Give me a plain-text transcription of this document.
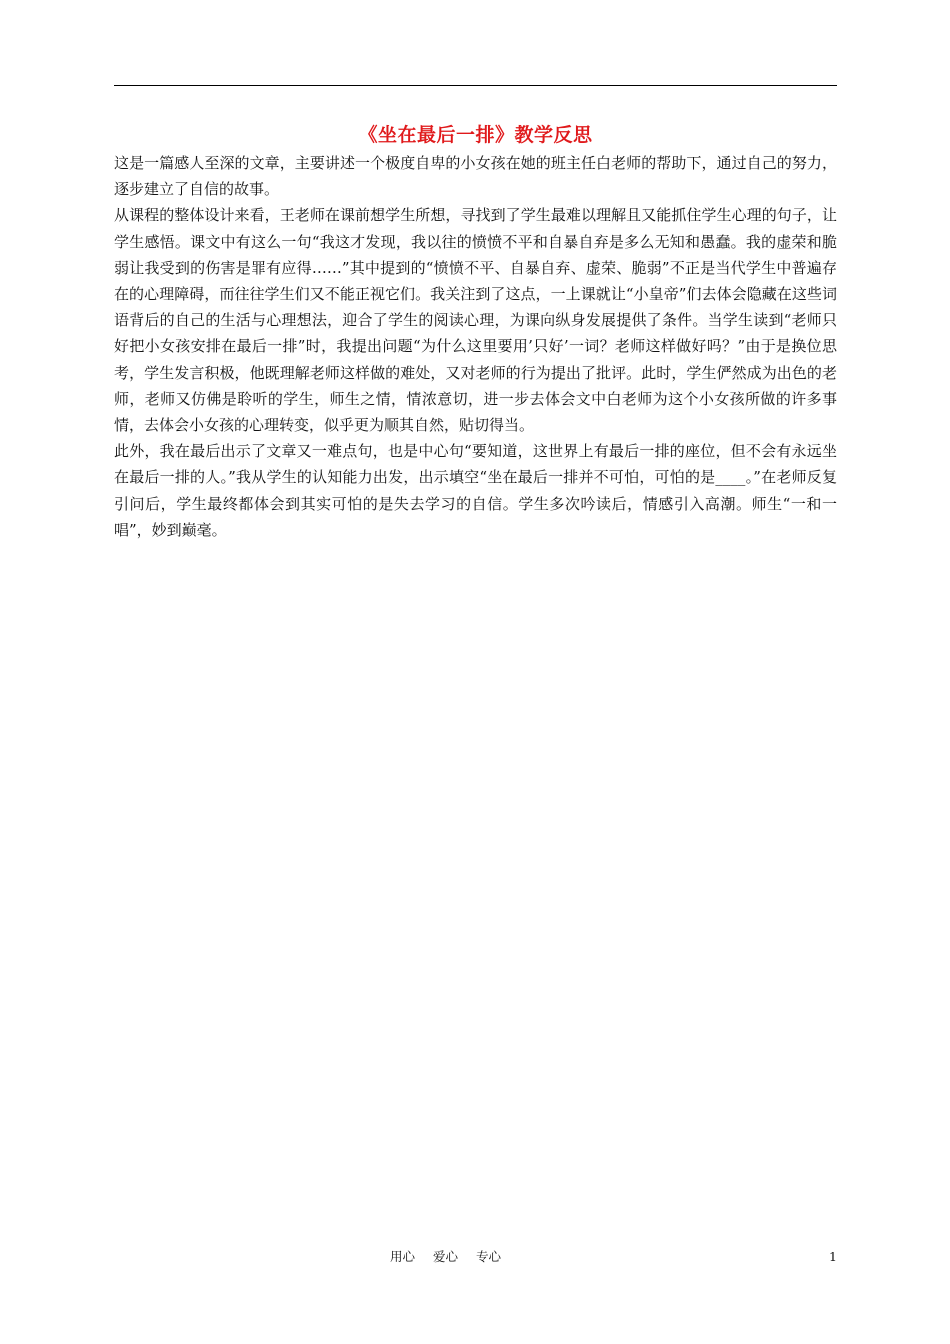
《坐在最后一排》教学反思

这是一篇感人至深的文章，主要讲述一个极度自卑的小女孩在她的班主任白老师的帮助下，通过自己的努力，逐步建立了自信的故事。

从课程的整体设计来看，王老师在课前想学生所想，寻找到了学生最难以理解且又能抓住学生心理的句子，让学生感悟。课文中有这么一句“我这才发现，我以往的愤愤不平和自暴自弃是多么无知和愚蠢。我的虚荣和脆弱让我受到的伤害是罪有应得……”其中提到的“愤愤不平、自暴自弃、虚荣、脆弱”不正是当代学生中普遍存在的心理障碍，而往往学生们又不能正视它们。我关注到了这点，一上课就让“小皇帝”们去体会隐藏在这些词语背后的自己的生活与心理想法，迎合了学生的阅读心理，为课向纵身发展提供了条件。当学生读到“老师只好把小女孩安排在最后一排”时，我提出问题“为什么这里要用’只好’一词？老师这样做好吗？”由于是换位思考，学生发言积极，他既理解老师这样做的难处，又对老师的行为提出了批评。此时，学生俨然成为出色的老师，老师又仿佛是聆听的学生，师生之情，情浓意切，进一步去体会文中白老师为这个小女孩所做的许多事情，去体会小女孩的心理转变，似乎更为顺其自然，贴切得当。

此外，我在最后出示了文章又一难点句，也是中心句“要知道，这世界上有最后一排的座位，但不会有永远坐在最后一排的人。”我从学生的认知能力出发，出示填空“坐在最后一排并不可怕，可怕的是____。”在老师反复引问后，学生最终都体会到其实可怕的是失去学习的自信。学生多次吟读后，情感引入高潮。师生“一和一唱”，妙到巅毫。

用心 爱心 专心	1
